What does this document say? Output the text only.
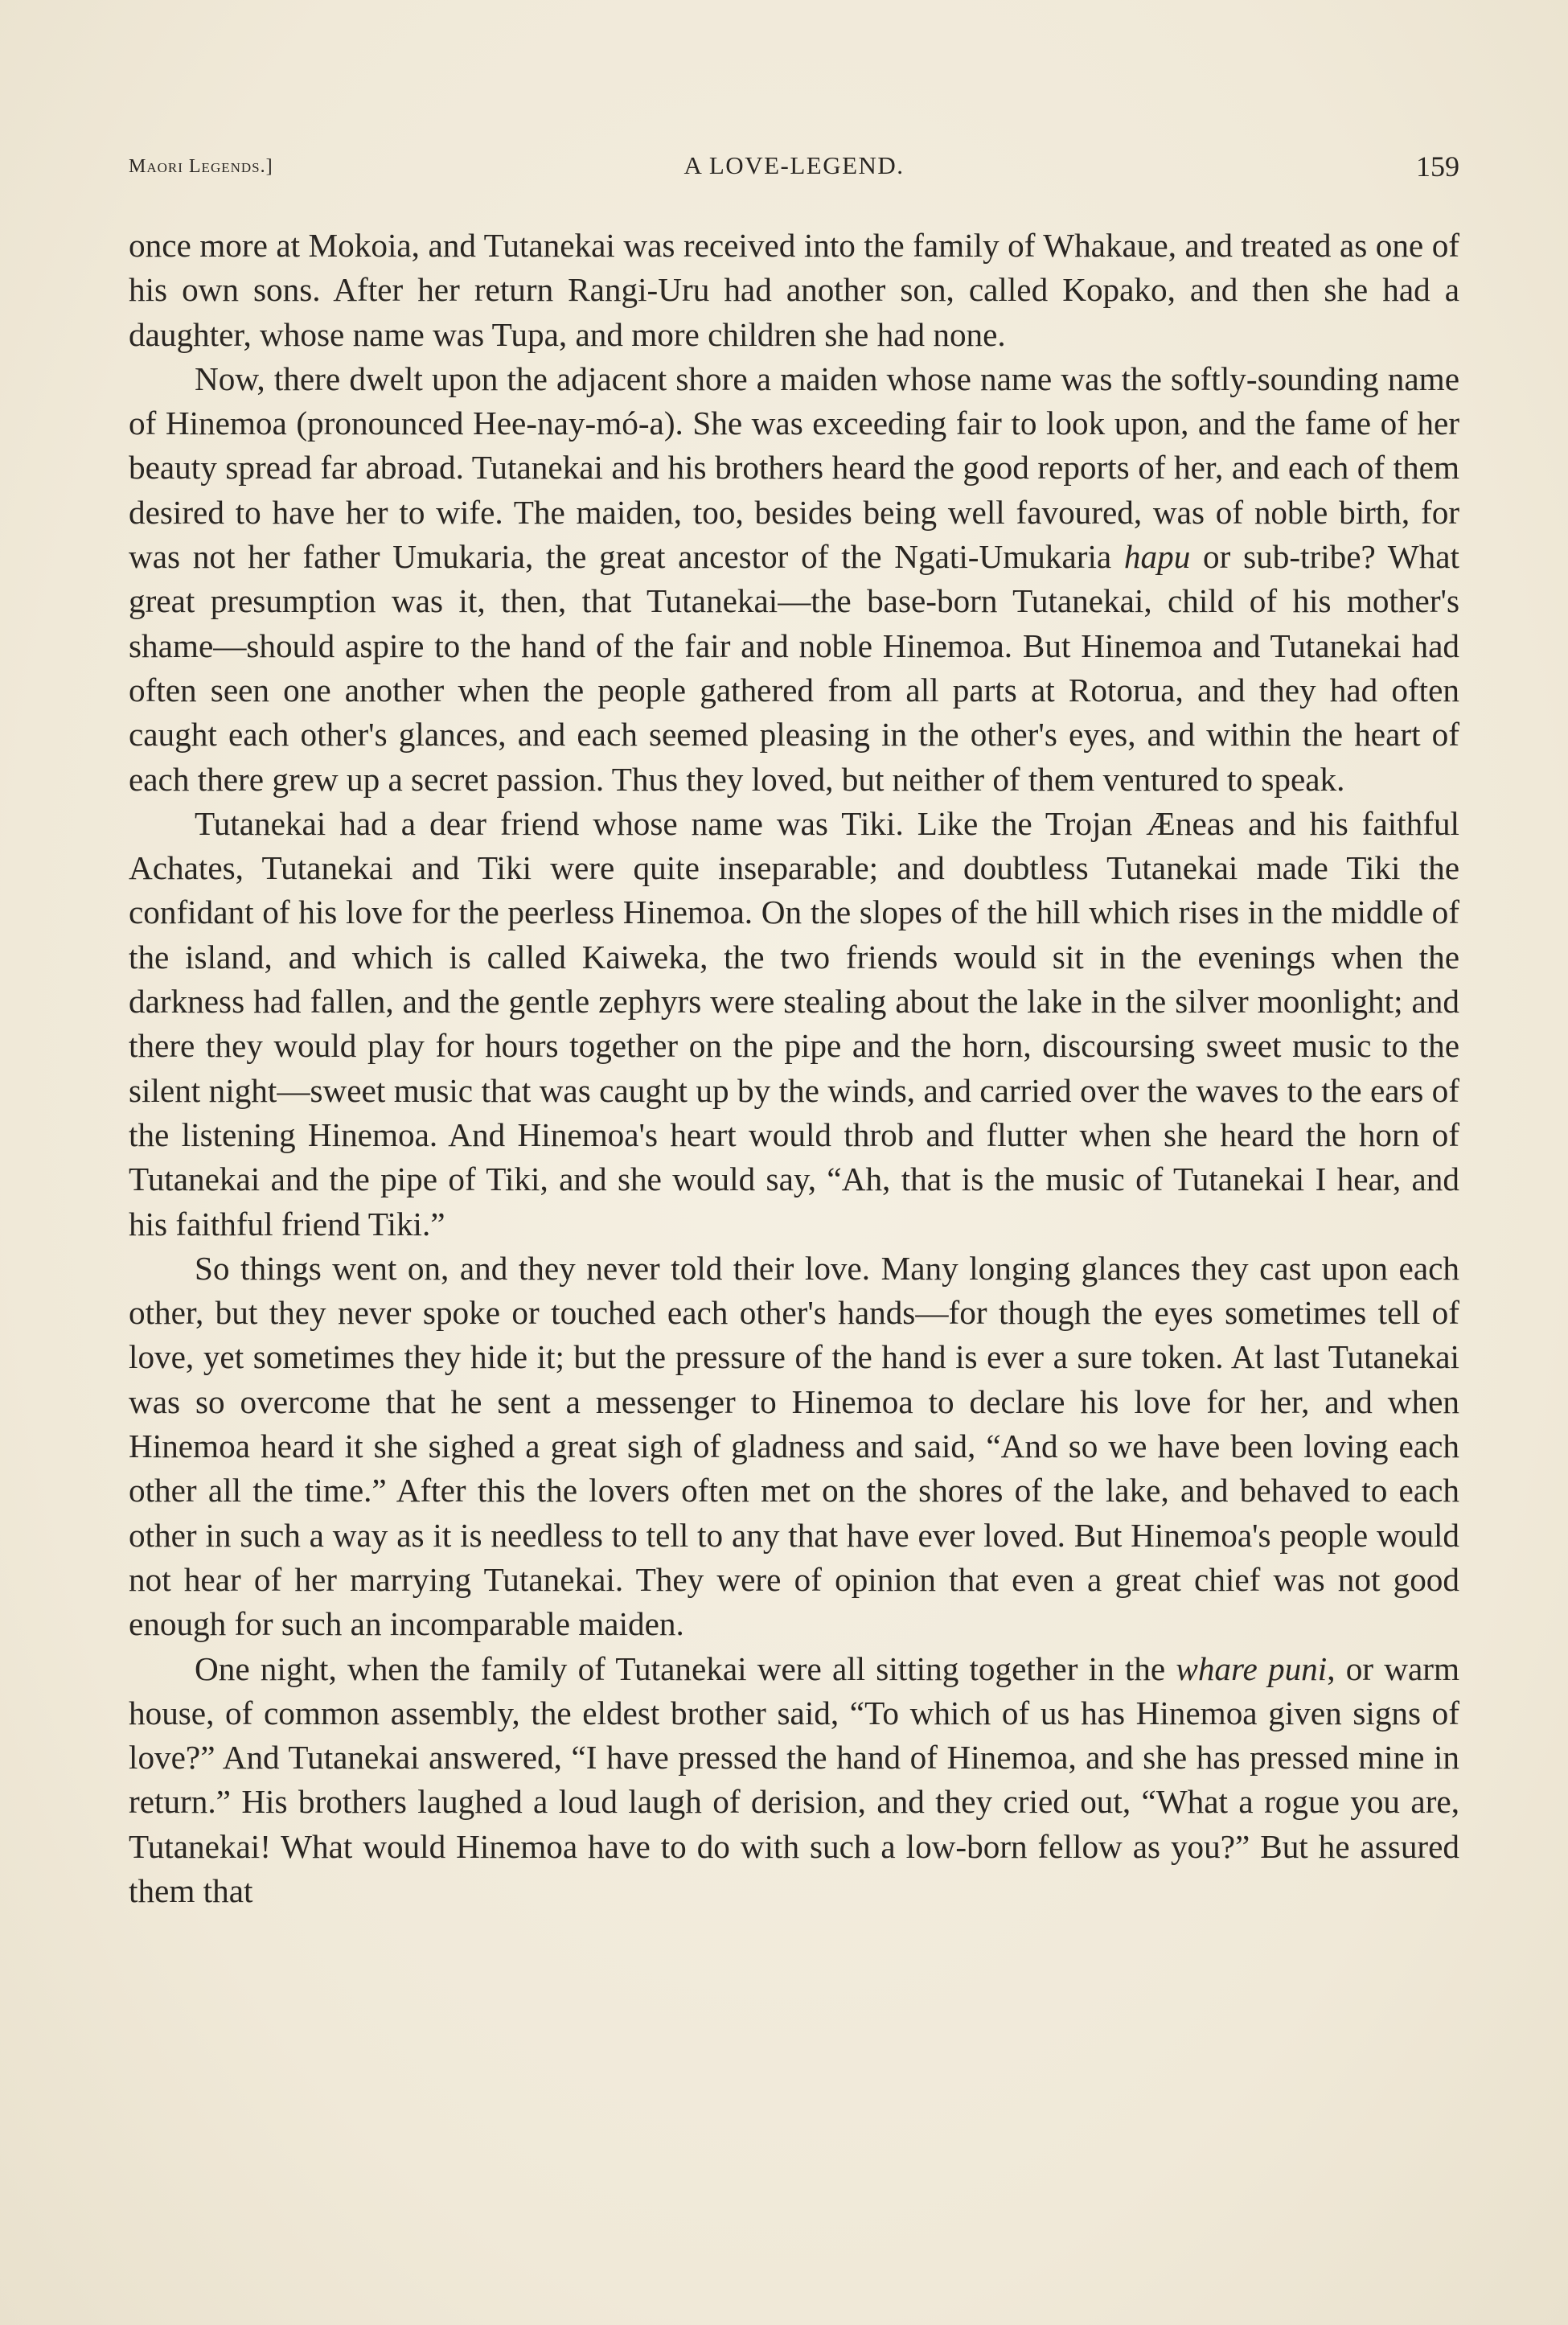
Maori Legends.]	A LOVE-LEGEND.	159

once more at Mokoia, and Tutanekai was received into the family of Whakaue, and treated as one of his own sons. After her return Rangi-Uru had another son, called Kopako, and then she had a daughter, whose name was Tupa, and more children she had none.

Now, there dwelt upon the adjacent shore a maiden whose name was the softly-sounding name of Hinemoa (pronounced Hee-nay-mó-a). She was exceeding fair to look upon, and the fame of her beauty spread far abroad. Tutanekai and his brothers heard the good reports of her, and each of them desired to have her to wife. The maiden, too, besides being well favoured, was of noble birth, for was not her father Umukaria, the great ancestor of the Ngati-Umukaria hapu or sub-tribe? What great presumption was it, then, that Tutanekai—the base-born Tutanekai, child of his mother's shame—should aspire to the hand of the fair and noble Hinemoa. But Hinemoa and Tutanekai had often seen one another when the people gathered from all parts at Rotorua, and they had often caught each other's glances, and each seemed pleasing in the other's eyes, and within the heart of each there grew up a secret passion. Thus they loved, but neither of them ventured to speak.

Tutanekai had a dear friend whose name was Tiki. Like the Trojan Æneas and his faithful Achates, Tutanekai and Tiki were quite inseparable; and doubtless Tutanekai made Tiki the confidant of his love for the peerless Hinemoa. On the slopes of the hill which rises in the middle of the island, and which is called Kaiweka, the two friends would sit in the evenings when the darkness had fallen, and the gentle zephyrs were stealing about the lake in the silver moonlight; and there they would play for hours together on the pipe and the horn, discoursing sweet music to the silent night—sweet music that was caught up by the winds, and carried over the waves to the ears of the listening Hinemoa. And Hinemoa's heart would throb and flutter when she heard the horn of Tutanekai and the pipe of Tiki, and she would say, “Ah, that is the music of Tutanekai I hear, and his faithful friend Tiki.”

So things went on, and they never told their love. Many longing glances they cast upon each other, but they never spoke or touched each other's hands—for though the eyes sometimes tell of love, yet sometimes they hide it; but the pressure of the hand is ever a sure token. At last Tutanekai was so overcome that he sent a messenger to Hinemoa to declare his love for her, and when Hinemoa heard it she sighed a great sigh of gladness and said, “And so we have been loving each other all the time.” After this the lovers often met on the shores of the lake, and behaved to each other in such a way as it is needless to tell to any that have ever loved. But Hinemoa's people would not hear of her marrying Tutanekai. They were of opinion that even a great chief was not good enough for such an incomparable maiden.

One night, when the family of Tutanekai were all sitting together in the whare puni, or warm house, of common assembly, the eldest brother said, “To which of us has Hinemoa given signs of love?” And Tutanekai answered, “I have pressed the hand of Hinemoa, and she has pressed mine in return.” His brothers laughed a loud laugh of derision, and they cried out, “What a rogue you are, Tutanekai! What would Hinemoa have to do with such a low-born fellow as you?” But he assured them that
